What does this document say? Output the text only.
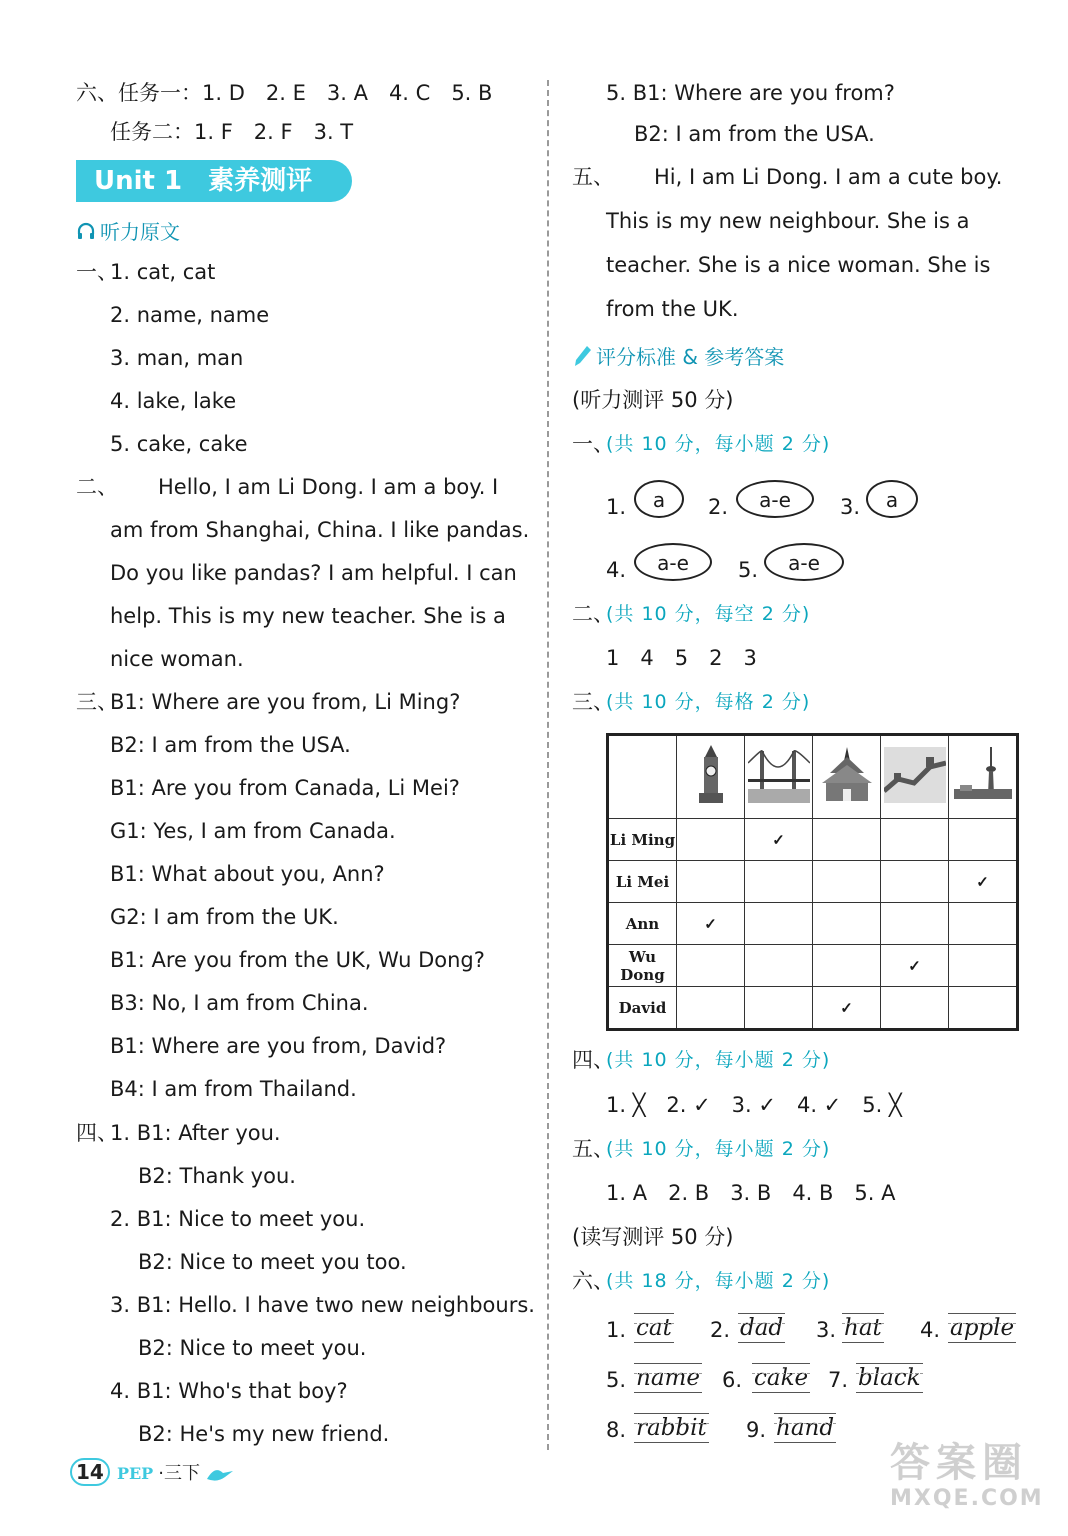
六、任务一：1. D　2. E　3. A　4. C　5. B
任务二：1. F　2. F　3. T
Unit 1　素养测评
听力原文
一、
1. cat, cat
2. name, name
3. man, man
4. lake, lake
5. cake, cake
二、 Hello, I am Li Dong. I am a boy. I
am from Shanghai, China. I like pandas.
Do you like pandas? I am helpful. I can
help. This is my new teacher. She is a
nice woman.
三、
B1: Where are you from, Li Ming?
B2: I am from the USA.
B1: Are you from Canada, Li Mei?
G1: Yes, I am from Canada.
B1: What about you, Ann?
G2: I am from the UK.
B1: Are you from the UK, Wu Dong?
B3: No, I am from China.
B1: Where are you from, David?
B4: I am from Thailand.
四、
1. B1: After you.
B2: Thank you.
2. B1: Nice to meet you.
B2: Nice to meet you too.
3. B1: Hello. I have two new neighbours.
B2: Nice to meet you.
4. B1: Who's that boy?
B2: He's my new friend.
5. B1: Where are you from?
B2: I am from the USA.
五、 Hi, I am Li Dong. I am a cute boy.
This is my new neighbour. She is a
teacher. She is a nice woman. She is
from the UK.
评分标准 & 参考答案
(听力测评 50 分)
一、
(共 10 分，每小题 2 分)
1.	a	2.	a-e	3.	a
4.	a-e	5.	a-e
二、
(共 10 分，每空 2 分)
1　4　5　2　3
三、
(共 10 分，每格 2 分)

Li Ming		✓			
Li Mei					✓
Ann	✓				
Wu Dong				✓	
David			✓		
四、
(共 10 分，每小题 2 分)
1. ╳　2. ✓　3. ✓　4. ✓　5. ╳
五、
(共 10 分，每小题 2 分)
1. A　2. B　3. B　4. B　5. A
(读写测评 50 分)
六、
(共 18 分，每小题 2 分)
1. cat 2. dad 3. hat 4. apple
5. name 6. cake 7. black
8. rabbit 9. hand
14 PEP ·三下	答案圈
MXQE.COM
